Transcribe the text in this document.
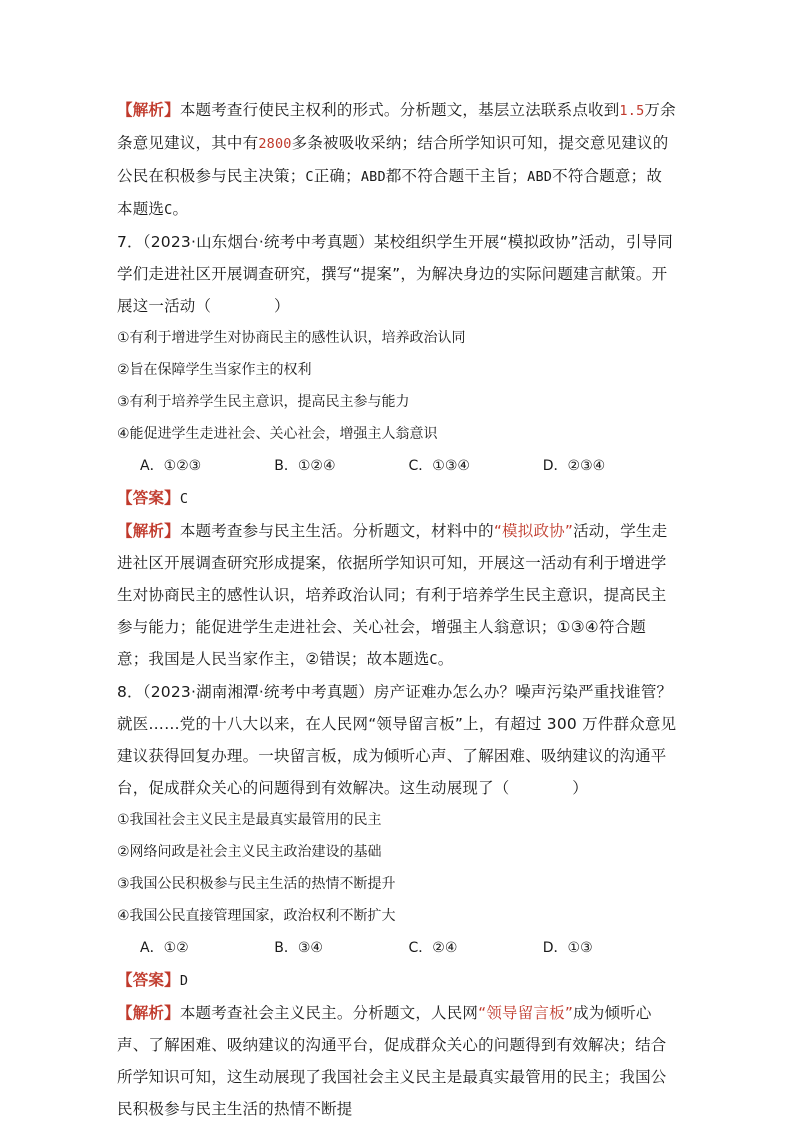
【解析】本题考查行使民主权利的形式。分析题文，基层立法联系点收到1.5万余条意见建议，其中有2800多条被吸收采纳；结合所学知识可知，提交意见建议的公民在积极参与民主决策；C正确；ABD都不符合题干主旨；ABD不符合题意；故本题选C。

7．（2023·山东烟台·统考中考真题）某校组织学生开展“模拟政协”活动，引导同学们走进社区开展调查研究，撰写“提案”，为解决身边的实际问题建言献策。开展这一活动（　　　　）

①有利于增进学生对协商民主的感性认识，培养政治认同

②旨在保障学生当家作主的权利

③有利于培养学生民主意识，提高民主参与能力

④能促进学生走进社会、关心社会，增强主人翁意识

A．①②③	B．①②④	C．①③④	D．②③④

【答案】C

【解析】本题考查参与民主生活。分析题文，材料中的“模拟政协”活动，学生走进社区开展调查研究形成提案，依据所学知识可知，开展这一活动有利于增进学生对协商民主的感性认识，培养政治认同；有利于培养学生民主意识，提高民主参与能力；能促进学生走进社会、关心社会，增强主人翁意识；①③④符合题意；我国是人民当家作主，②错误；故本题选C。

8．（2023·湖南湘潭·统考中考真题）房产证难办怎么办？噪声污染严重找谁管？就医……党的十八大以来，在人民网“领导留言板”上，有超过 300 万件群众意见建议获得回复办理。一块留言板，成为倾听心声、了解困难、吸纳建议的沟通平台，促成群众关心的问题得到有效解决。这生动展现了（　　　　）

①我国社会主义民主是最真实最管用的民主

②网络问政是社会主义民主政治建设的基础

③我国公民积极参与民主生活的热情不断提升

④我国公民直接管理国家，政治权利不断扩大

A．①②	B．③④	C．②④	D．①③

【答案】D

【解析】本题考查社会主义民主。分析题文，人民网“领导留言板”成为倾听心声、了解困难、吸纳建议的沟通平台，促成群众关心的问题得到有效解决；结合所学知识可知，这生动展现了我国社会主义民主是最真实最管用的民主；我国公民积极参与民主生活的热情不断提
